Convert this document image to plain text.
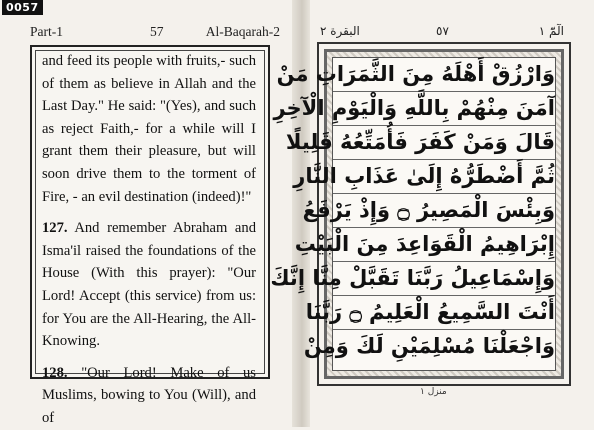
0057
Part-1	57	Al-Baqarah-2

and feed its people with fruits,- such of them as believe in Allah and the Last Day." He said: "(Yes), and such as reject Faith,- for a while will I grant them their pleasure, but will soon drive them to the torment of Fire, - an evil destination (indeed)!"

127. And remember Abraham and Isma'il raised the foundations of the House (With this prayer): "Our Lord! Accept (this service) from us: for You are the All-Hearing, the All-Knowing.

128. "Our Lord! Make of us Muslims, bowing to You (Will), and of

البقرة ٢	٥٧	الٓمّٓ ١
وَارْزُقْ أَهْلَهُ مِنَ الثَّمَرَاتِ مَنْ
آمَنَ مِنْهُمْ بِاللَّهِ وَالْيَوْمِ الْآخِرِ
قَالَ وَمَنْ كَفَرَ فَأُمَتِّعُهُ قَلِيلًا
ثُمَّ أَضْطَرُّهُ إِلَىٰ عَذَابِ النَّارِ
وَبِئْسَ الْمَصِيرُ ۝ وَإِذْ يَرْفَعُ
إِبْرَاهِيمُ الْقَوَاعِدَ مِنَ الْبَيْتِ
وَإِسْمَاعِيلُ رَبَّنَا تَقَبَّلْ مِنَّا إِنَّكَ
أَنْتَ السَّمِيعُ الْعَلِيمُ ۝ رَبَّنَا
وَاجْعَلْنَا مُسْلِمَيْنِ لَكَ وَمِنْ
منزل ١
